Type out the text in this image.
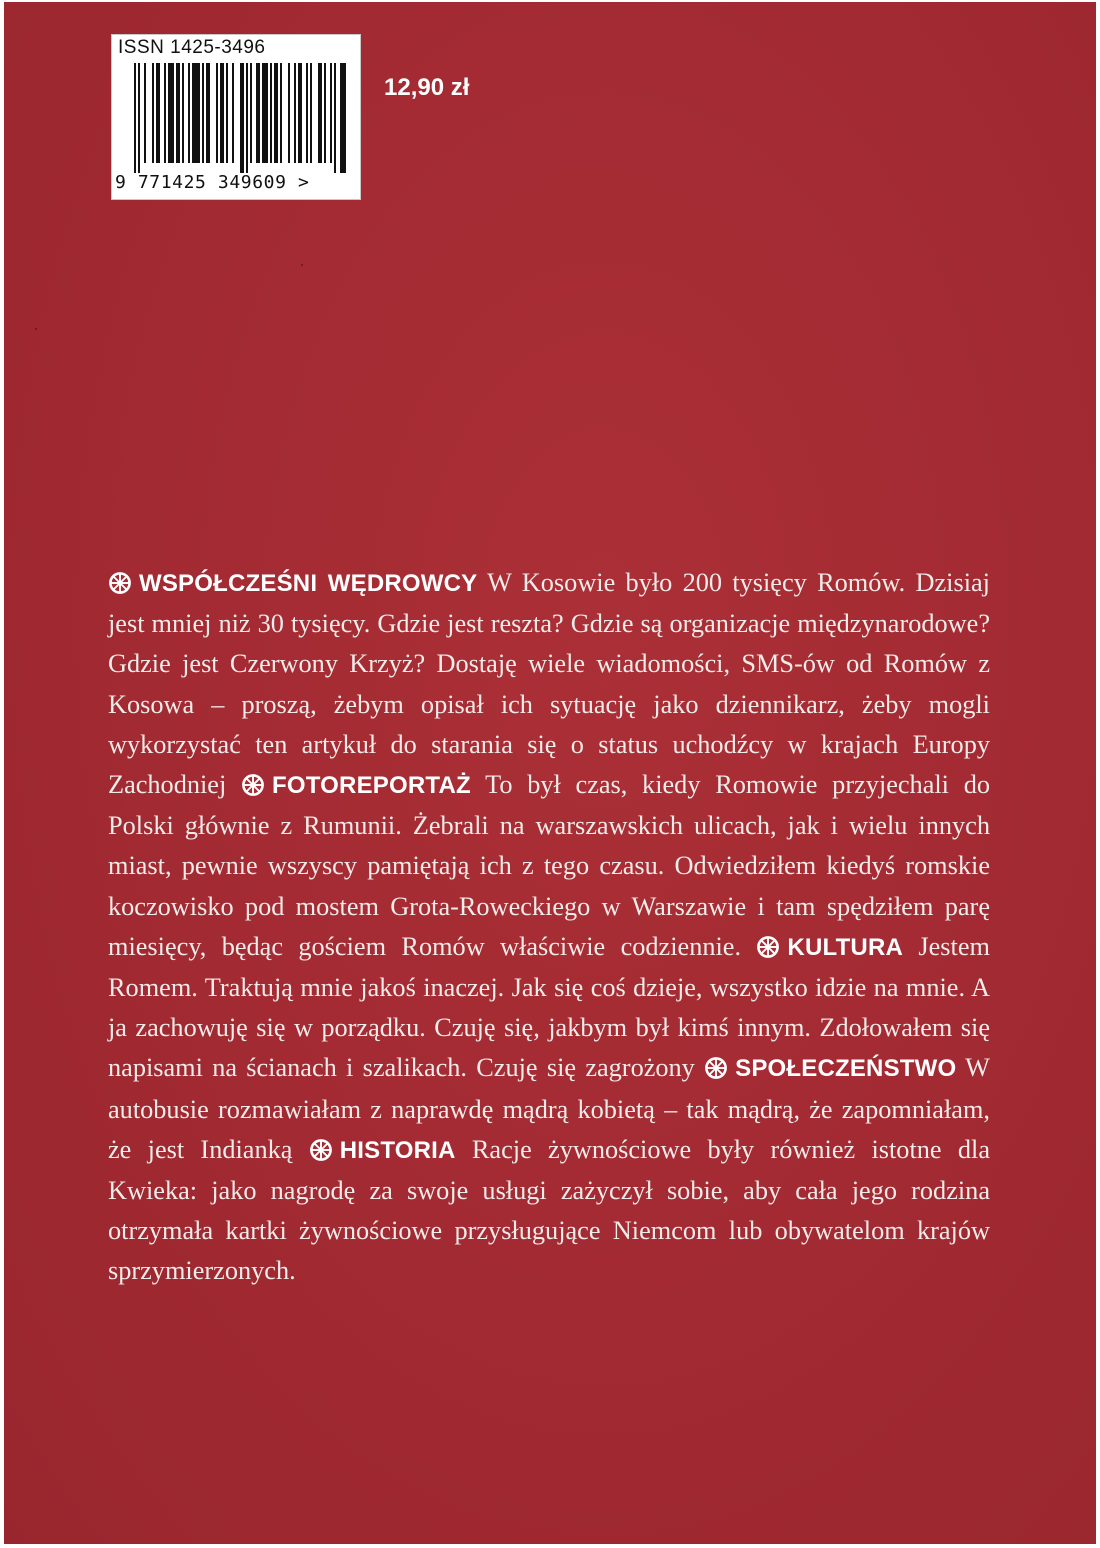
ISSN 1425-3496
9 771425 349609 >
12,90 zł
WSPÓŁCZEŚNI WĘDROWCY W Kosowie było 200 tysięcy Romów. Dzisiaj jest mniej niż 30 tysięcy. Gdzie jest reszta? Gdzie są organizacje międzynarodowe? Gdzie jest Czerwony Krzyż? Dostaję wiele wiadomości, SMS-ów od Romów z Kosowa – proszą, żebym opisał ich sytuację jako dziennikarz, żeby mogli wykorzystać ten artykuł do starania się o status uchodźcy w krajach Europy Zachodniej FOTOREPORTAŻ To był czas, kiedy Romowie przyjechali do Polski głównie z Rumunii. Żebrali na warszawskich ulicach, jak i wielu innych miast, pewnie wszyscy pamiętają ich z tego czasu. Odwiedziłem kiedyś romskie koczowisko pod mostem Grota-Roweckiego w Warszawie i tam spędziłem parę miesięcy, będąc gościem Romów właściwie codziennie. KULTURA Jestem Romem. Traktują mnie jakoś inaczej. Jak się coś dzieje, wszystko idzie na mnie. A ja zachowuję się w porządku. Czuję się, jakbym był kimś innym. Zdołowałem się napisami na ścianach i szalikach. Czuję się zagrożony SPOŁECZEŃSTWO W autobusie rozmawiałam z naprawdę mądrą kobietą – tak mądrą, że zapomniałam, że jest Indianką HISTORIA Racje żywnościowe były również istotne dla Kwieka: jako nagrodę za swoje usługi zażyczył sobie, aby cała jego rodzina otrzymała kartki żywnościowe przysługujące Niemcom lub obywatelom krajów sprzymierzonych.
